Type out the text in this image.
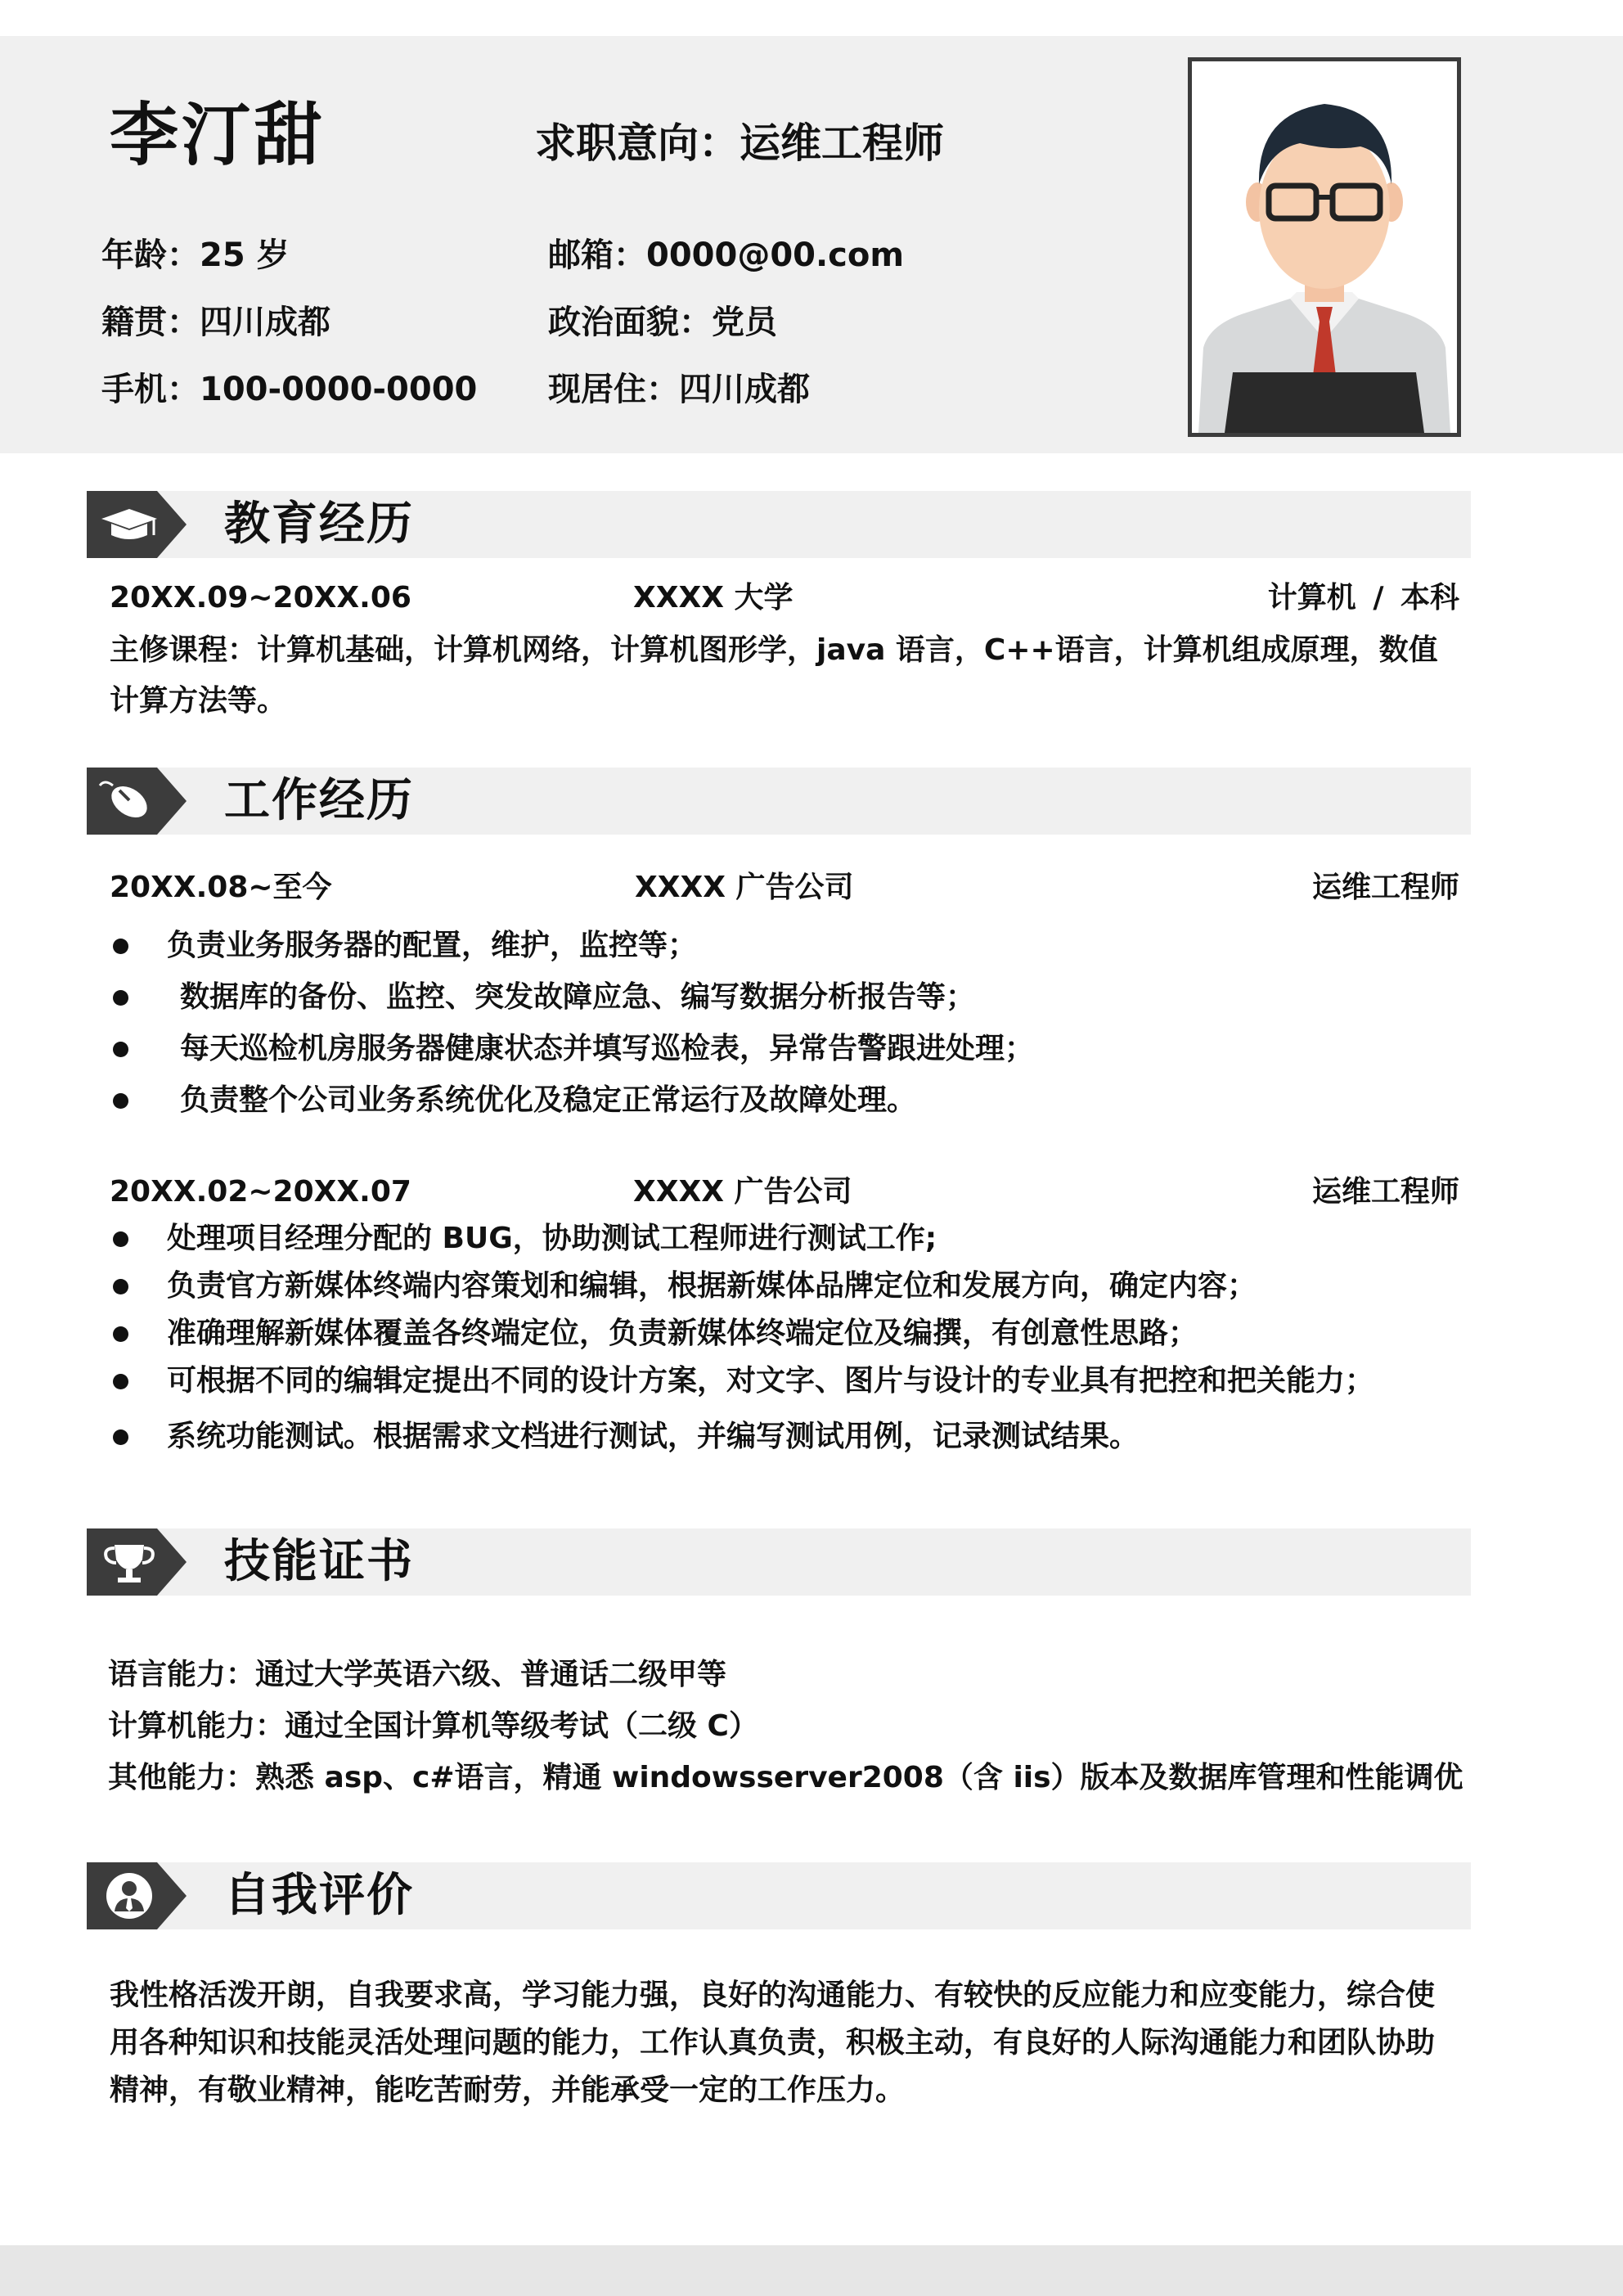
李汀甜	求职意向：运维工程师
年龄：25 岁	邮箱：0000@00.com
籍贯：四川成都	政治面貌：党员
手机：100-0000-0000 现居住：四川成都
教育经历
20XX.09~20XX.06	XXXX 大学	计算机 / 本科
主修课程：计算机基础，计算机网络，计算机图形学，java 语言，C++语言，计算机组成原理，数值计算方法等。
工作经历
20XX.08~至今	XXXX 广告公司	运维工程师
负责业务服务器的配置，维护，监控等；
数据库的备份、监控、突发故障应急、编写数据分析报告等；
每天巡检机房服务器健康状态并填写巡检表，异常告警跟进处理；
负责整个公司业务系统优化及稳定正常运行及故障处理。
20XX.02~20XX.07	XXXX 广告公司	运维工程师
处理项目经理分配的 BUG，协助测试工程师进行测试工作;
负责官方新媒体终端内容策划和编辑，根据新媒体品牌定位和发展方向，确定内容；
准确理解新媒体覆盖各终端定位，负责新媒体终端定位及编撰，有创意性思路；
可根据不同的编辑定提出不同的设计方案，对文字、图片与设计的专业具有把控和把关能力；
系统功能测试。根据需求文档进行测试，并编写测试用例，记录测试结果。
技能证书
语言能力：通过大学英语六级、普通话二级甲等
计算机能力：通过全国计算机等级考试（二级 C）
其他能力：熟悉 asp、c#语言，精通 windowsserver2008（含 iis）版本及数据库管理和性能调优
自我评价
我性格活泼开朗，自我要求高，学习能力强，良好的沟通能力、有较快的反应能力和应变能力，综合使用各种知识和技能灵活处理问题的能力，工作认真负责，积极主动，有良好的人际沟通能力和团队协助精神，有敬业精神，能吃苦耐劳，并能承受一定的工作压力。
